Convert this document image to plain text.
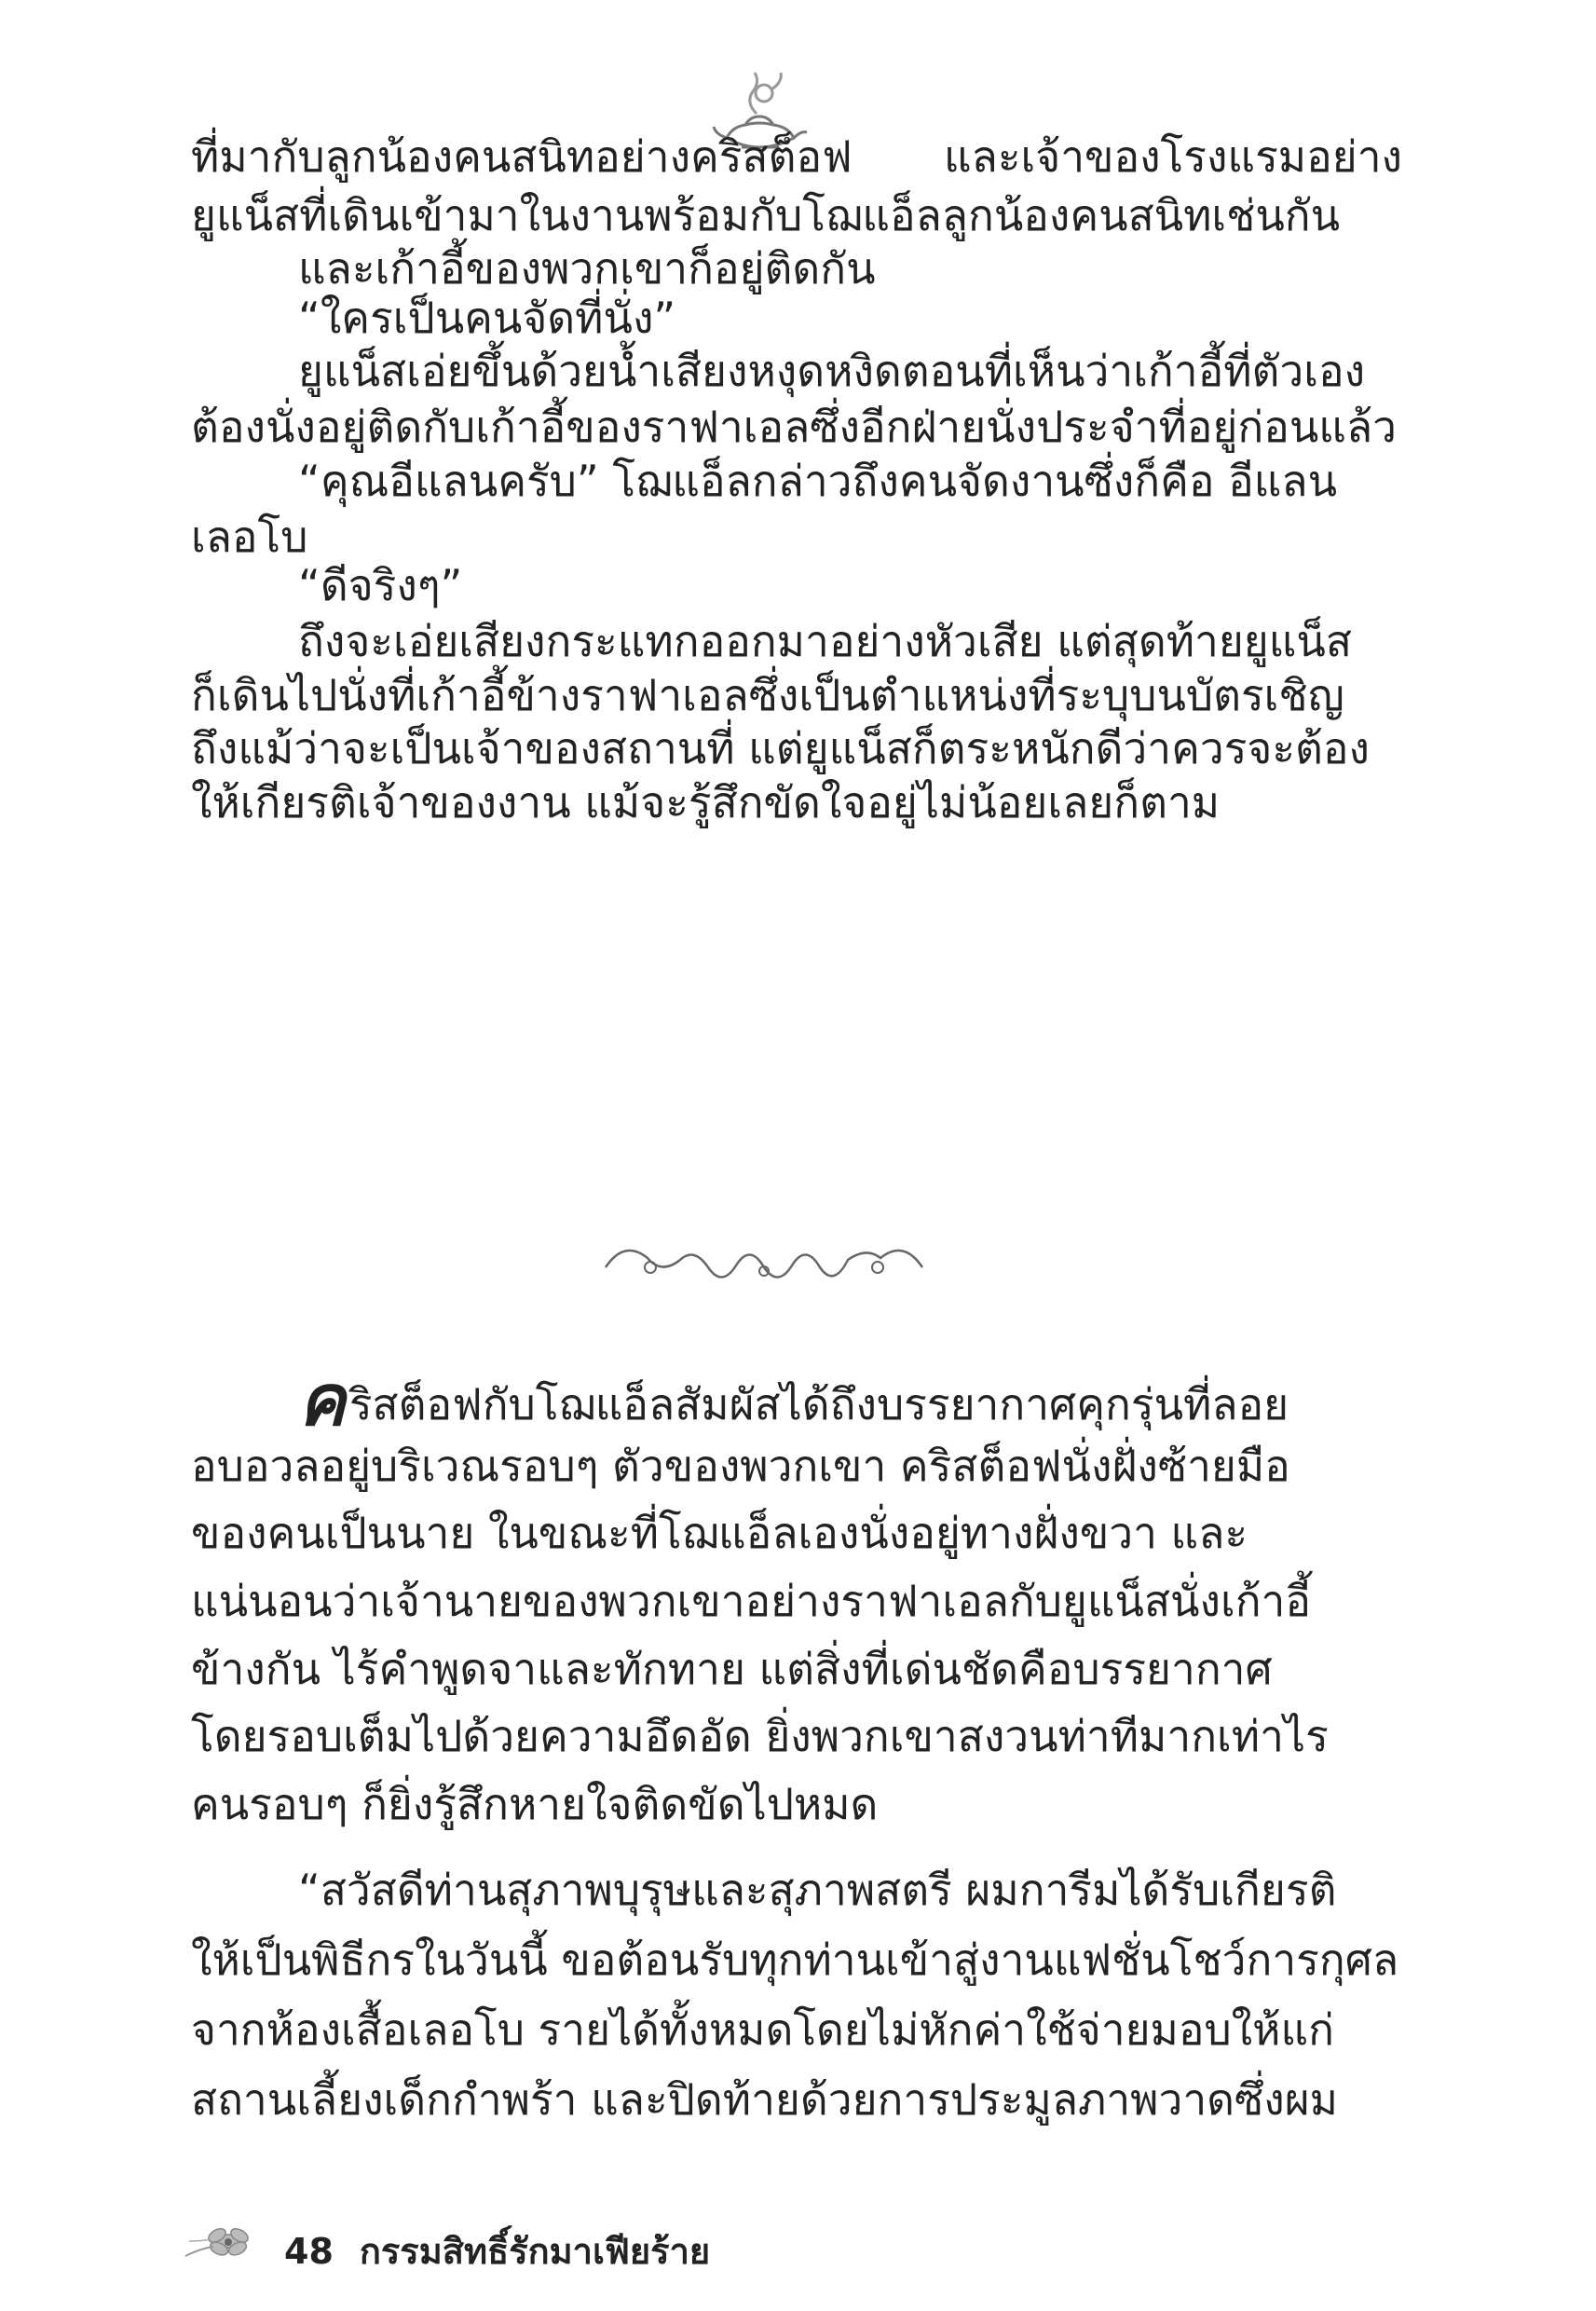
ที่มากับลูกน้องคนสนิทอย่างคริสต็อฟ และเจ้าของโรงแรมอย่าง
ยูแน็สที่เดินเข้ามาในงานพร้อมกับโฌแอ็ลลูกน้องคนสนิทเช่นกัน
และเก้าอี้ของพวกเขาก็อยู่ติดกัน
“ใครเป็นคนจัดที่นั่ง”
ยูแน็สเอ่ยขึ้นด้วยน้ำเสียงหงุดหงิดตอนที่เห็นว่าเก้าอี้ที่ตัวเอง
ต้องนั่งอยู่ติดกับเก้าอี้ของราฟาเอลซึ่งอีกฝ่ายนั่งประจำที่อยู่ก่อนแล้ว
“คุณอีแลนครับ” โฌแอ็ลกล่าวถึงคนจัดงานซึ่งก็คือ อีแลน
เลอโบ
“ดีจริงๆ”
ถึงจะเอ่ยเสียงกระแทกออกมาอย่างหัวเสีย แต่สุดท้ายยูแน็ส
ก็เดินไปนั่งที่เก้าอี้ข้างราฟาเอลซึ่งเป็นตำแหน่งที่ระบุบนบัตรเชิญ
ถึงแม้ว่าจะเป็นเจ้าของสถานที่ แต่ยูแน็สก็ตระหนักดีว่าควรจะต้อง
ให้เกียรติเจ้าของงาน แม้จะรู้สึกขัดใจอยู่ไม่น้อยเลยก็ตาม
คริสต็อฟกับโฌแอ็ลสัมผัสได้ถึงบรรยากาศคุกรุ่นที่ลอย
อบอวลอยู่บริเวณรอบๆ ตัวของพวกเขา คริสต็อฟนั่งฝั่งซ้ายมือ
ของคนเป็นนาย ในขณะที่โฌแอ็ลเองนั่งอยู่ทางฝั่งขวา และ
แน่นอนว่าเจ้านายของพวกเขาอย่างราฟาเอลกับยูแน็สนั่งเก้าอี้
ข้างกัน ไร้คำพูดจาและทักทาย แต่สิ่งที่เด่นชัดคือบรรยากาศ
โดยรอบเต็มไปด้วยความอึดอัด ยิ่งพวกเขาสงวนท่าทีมากเท่าไร
คนรอบๆ ก็ยิ่งรู้สึกหายใจติดขัดไปหมด
“สวัสดีท่านสุภาพบุรุษและสุภาพสตรี ผมการีมได้รับเกียรติ
ให้เป็นพิธีกรในวันนี้ ขอต้อนรับทุกท่านเข้าสู่งานแฟชั่นโชว์การกุศล
จากห้องเสื้อเลอโบ รายได้ทั้งหมดโดยไม่หักค่าใช้จ่ายมอบให้แก่
สถานเลี้ยงเด็กกำพร้า และปิดท้ายด้วยการประมูลภาพวาดซึ่งผม
48 กรรมสิทธิ์รักมาเฟียร้าย
